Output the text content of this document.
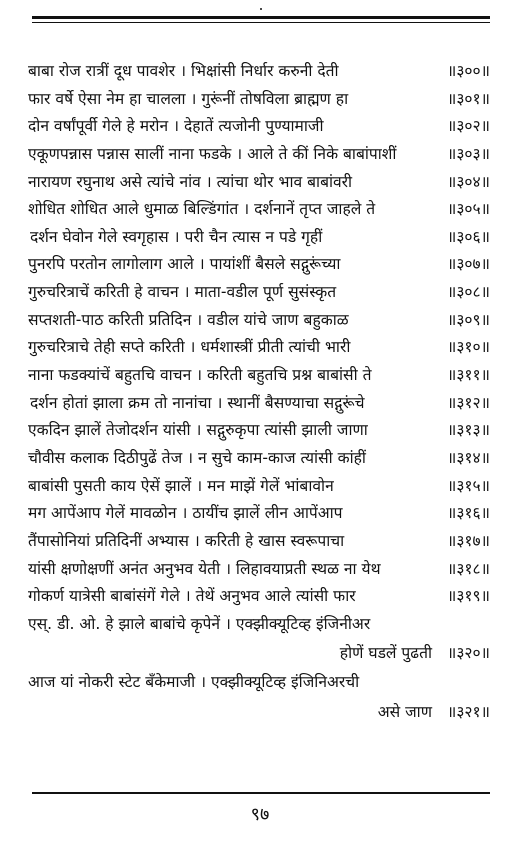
बाबा रोज रात्रीं दूध पावशेर । भिक्षांसी निर्धार करुनी देती	॥३००॥
फार वर्षे ऐसा नेम हा चालला । गुरूंनीं तोषविला ब्राह्मण हा	॥३०१॥
दोन वर्षांपूर्वी गेले हे मरोन । देहातें त्यजोनी पुण्यामाजी	॥३०२॥
एकूणपन्नास पन्नास सालीं नाना फडके । आले ते कीं निके बाबांपाशीं	॥३०३॥
नारायण रघुनाथ असे त्यांचे नांव । त्यांचा थोर भाव बाबांवरी	॥३०४॥
शोधित शोधित आले धुमाळ बिल्डिंगांत । दर्शनानें तृप्त जाहले ते	॥३०५॥
दर्शन घेवोन गेले स्वगृहास । परी चैन त्यास न पडे गृहीं	॥३०६॥
पुनरपि परतोन लागोलाग आले । पायांशीं बैसले सद्गुरूंच्या	॥३०७॥
गुरुचरित्राचें करिती हे वाचन । माता-वडील पूर्ण सुसंस्कृत	॥३०८॥
सप्तशती-पाठ करिती प्रतिदिन । वडील यांचे जाण बहुकाळ	॥३०९॥
गुरुचरित्राचे तेही सप्ते करिती । धर्मशास्त्रीं प्रीती त्यांची भारी	॥३१०॥
नाना फडक्यांचें बहुतचि वाचन । करिती बहुतचि प्रश्न बाबांसी ते	॥३११॥
दर्शन होतां झाला क्रम तो नानांचा । स्थानीं बैसण्याचा सद्गुरूंचे	॥३१२॥
एकदिन झालें तेजोदर्शन यांसी । सद्गुरुकृपा त्यांसी झाली जाणा	॥३१३॥
चौवीस कलाक दिठीपुढें तेज । न सुचे काम-काज त्यांसी कांहीं	॥३१४॥
बाबांसी पुसती काय ऐसें झालें । मन माझें गेलें भांबावोन	॥३१५॥
मग आपेंआप गेलें मावळोन । ठायींच झालें लीन आपेंआप	॥३१६॥
तैंपासोनियां प्रतिदिनीं अभ्यास । करिती हे खास स्वरूपाचा	॥३१७॥
यांसी क्षणोक्षणीं अनंत अनुभव येती । लिहावयाप्रती स्थळ ना येथ	॥३१८॥
गोकर्ण यात्रेसी बाबांसंगें गेले । तेथें अनुभव आले त्यांसी फार	॥३१९॥
एस्. डी. ओ. हे झाले बाबांचे कृपेनें । एक्झीक्यूटिव्ह इंजिनीअर
होणें घडलें पुढती ॥३२०॥
आज यां नोकरी स्टेट बँकेमाजी । एक्झीक्यूटिव्ह इंजिनिअरची
असे जाण ॥३२१॥
९७
